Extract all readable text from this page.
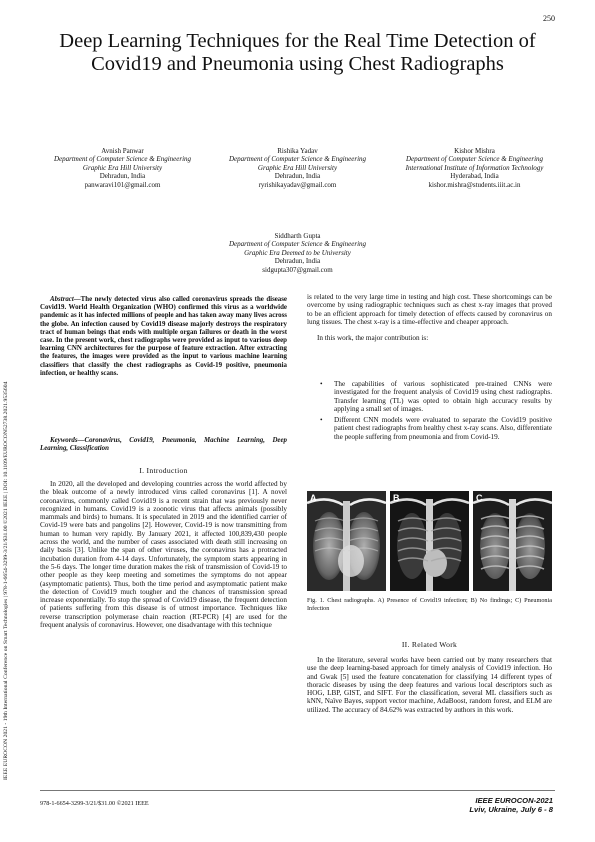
250
Deep Learning Techniques for the Real Time Detection of Covid19 and Pneumonia using Chest Radiographs
IEEE EUROCON 2021 - 19th International Conference on Smart Technologies | 978-1-6654-3299-3/21/$31.00 ©2021 IEEE | DOI: 10.1109/EUROCON52738.2021.9535604
Avnish Panwar
Department of Computer Science & Engineering
Graphic Era Hill University
Dehradun, India
panwaravi101@gmail.com
Rishika Yadav
Department of Computer Science & Engineering
Graphic Era Hill University
Dehradun, India
ryrishikayadav@gmail.com
Kishor Mishra
Department of Computer Science & Engineering
International Institute of Information Technology
Hyderabad, India
kishor.mishra@students.iiit.ac.in
Siddharth Gupta
Department of Computer Science & Engineering
Graphic Era Deemed to be University
Dehradun, India
sidgupta307@gmail.com
Abstract—The newly detected virus also called coronavirus spreads the disease Covid19. World Health Organization (WHO) confirmed this virus as a worldwide pandemic as it has infected millions of people and has taken away many lives across the globe. An infection caused by Covid19 disease majorly destroys the respiratory tract of human beings that ends with multiple organ failures or death in the worst case. In the present work, chest radiographs were provided as input to various deep learning CNN architectures for the purpose of feature extraction. After extracting the features, the images were provided as the input to various machine learning classifiers that classify the chest radiographs as Covid-19 positive, pneumonia infection, or healthy scans.
Keywords—Coronavirus, Covid19, Pneumonia, Machine Learning, Deep Learning, Classification
I. Introduction

In 2020, all the developed and developing countries across the world affected by the bleak outcome of a newly introduced virus called coronavirus [1]. A novel coronavirus, commonly called Covid19 is a recent strain that was previously never recognized in humans. Covid19 is a zoonotic virus that affects animals (possibly mammals and birds) to humans. It is speculated in 2019 and the identified carrier of Covid-19 were bats and pangolins [2]. However, Covid-19 is now transmitting from human to human very rapidly. By January 2021, it affected 100,839,430 people across the world, and the number of cases associated with death still increasing on daily basis [3]. Unlike the span of other viruses, the coronavirus has a protracted incubation duration from 4-14 days. Unfortunately, the symptom starts appearing in the 5-6 days. The longer time duration makes the risk of transmission of Covid-19 to other people as they keep meeting and sometimes the symptoms do not appear (asymptomatic patients). Thus, both the time period and asymptomatic patient make the detection of Covid19 much tougher and the chances of transmission spread increase exponentially. To stop the spread of Covid19 disease, the frequent detection of patients suffering from this disease is of utmost importance. Techniques like reverse transcription polymerase chain reaction (RT-PCR) [4] are used for the frequent analysis of coronavirus. However, one disadvantage with this technique

is related to the very large time in testing and high cost. These shortcomings can be overcome by using radiographic techniques such as chest x-ray images that proved to be an efficient approach for timely detection of effects caused by coronavirus on lung tissues. The chest x-ray is a time-effective and cheaper approach.

In this work, the major contribution is:

• The capabilities of various sophisticated pre-trained CNNs were investigated for the frequent analysis of Covid19 using chest radiographs. Transfer learning (TL) was opted to obtain high accuracy results by applying a small set of images.
• Different CNN models were evaluated to separate the Covid19 positive patient chest radiographs from healthy chest x-ray scans. Also, differentiate the people suffering from pneumonia and from Covid-19.
A	B	C
Fig. 1. Chest radiographs. A) Presence of Covid19 infection; B) No findings; C) Pneumonia Infection
II. Related Work

In the literature, several works have been carried out by many researchers that use the deep learning-based approach for timely analysis of Covid19 infection. Ho and Gwak [5] used the feature concatenation for classifying 14 different types of thoracic diseases by using the deep features and various local descriptors such as HOG, LBP, GIST, and SIFT. For the classification, several ML classifiers such as kNN, Naïve Bayes, support vector machine, AdaBoost, random forest, and ELM are utilized. The accuracy of 84.62% was extracted by authors in this work.

978-1-6654-3299-3/21/$31.00 ©2021 IEEE	IEEE EUROCON-2021
Lviv, Ukraine, July 6 - 8
